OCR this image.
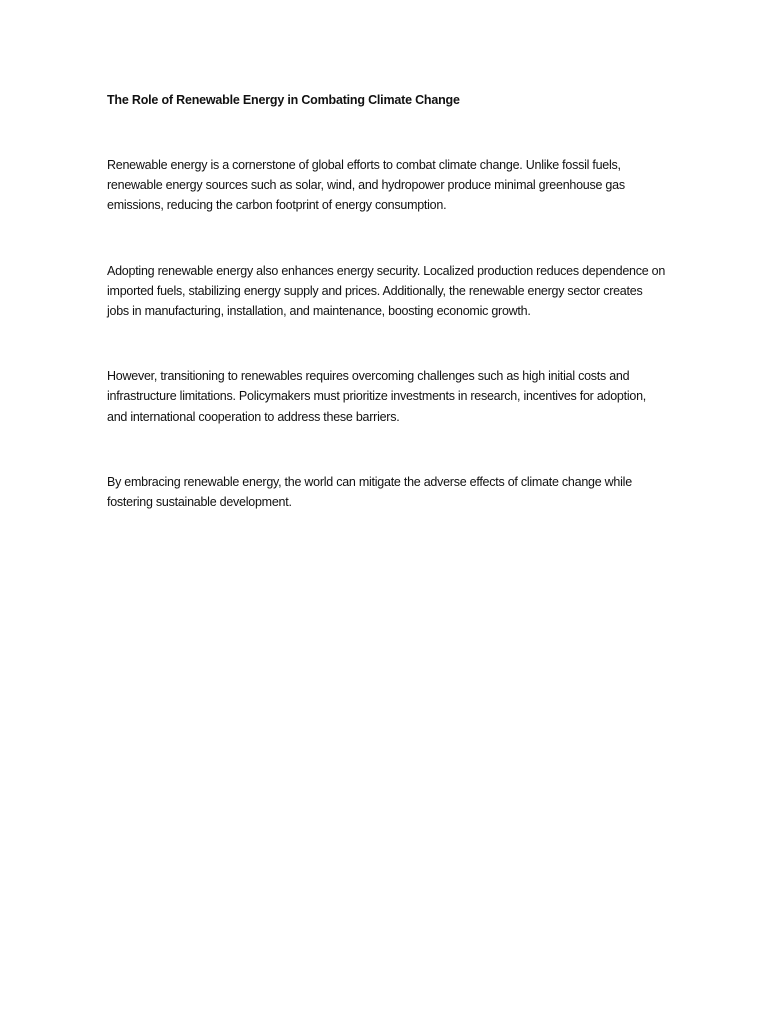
The Role of Renewable Energy in Combating Climate Change

Renewable energy is a cornerstone of global efforts to combat climate change. Unlike fossil fuels, renewable energy sources such as solar, wind, and hydropower produce minimal greenhouse gas emissions, reducing the carbon footprint of energy consumption.

Adopting renewable energy also enhances energy security. Localized production reduces dependence on imported fuels, stabilizing energy supply and prices. Additionally, the renewable energy sector creates jobs in manufacturing, installation, and maintenance, boosting economic growth.

However, transitioning to renewables requires overcoming challenges such as high initial costs and infrastructure limitations. Policymakers must prioritize investments in research, incentives for adoption, and international cooperation to address these barriers.

By embracing renewable energy, the world can mitigate the adverse effects of climate change while fostering sustainable development.
